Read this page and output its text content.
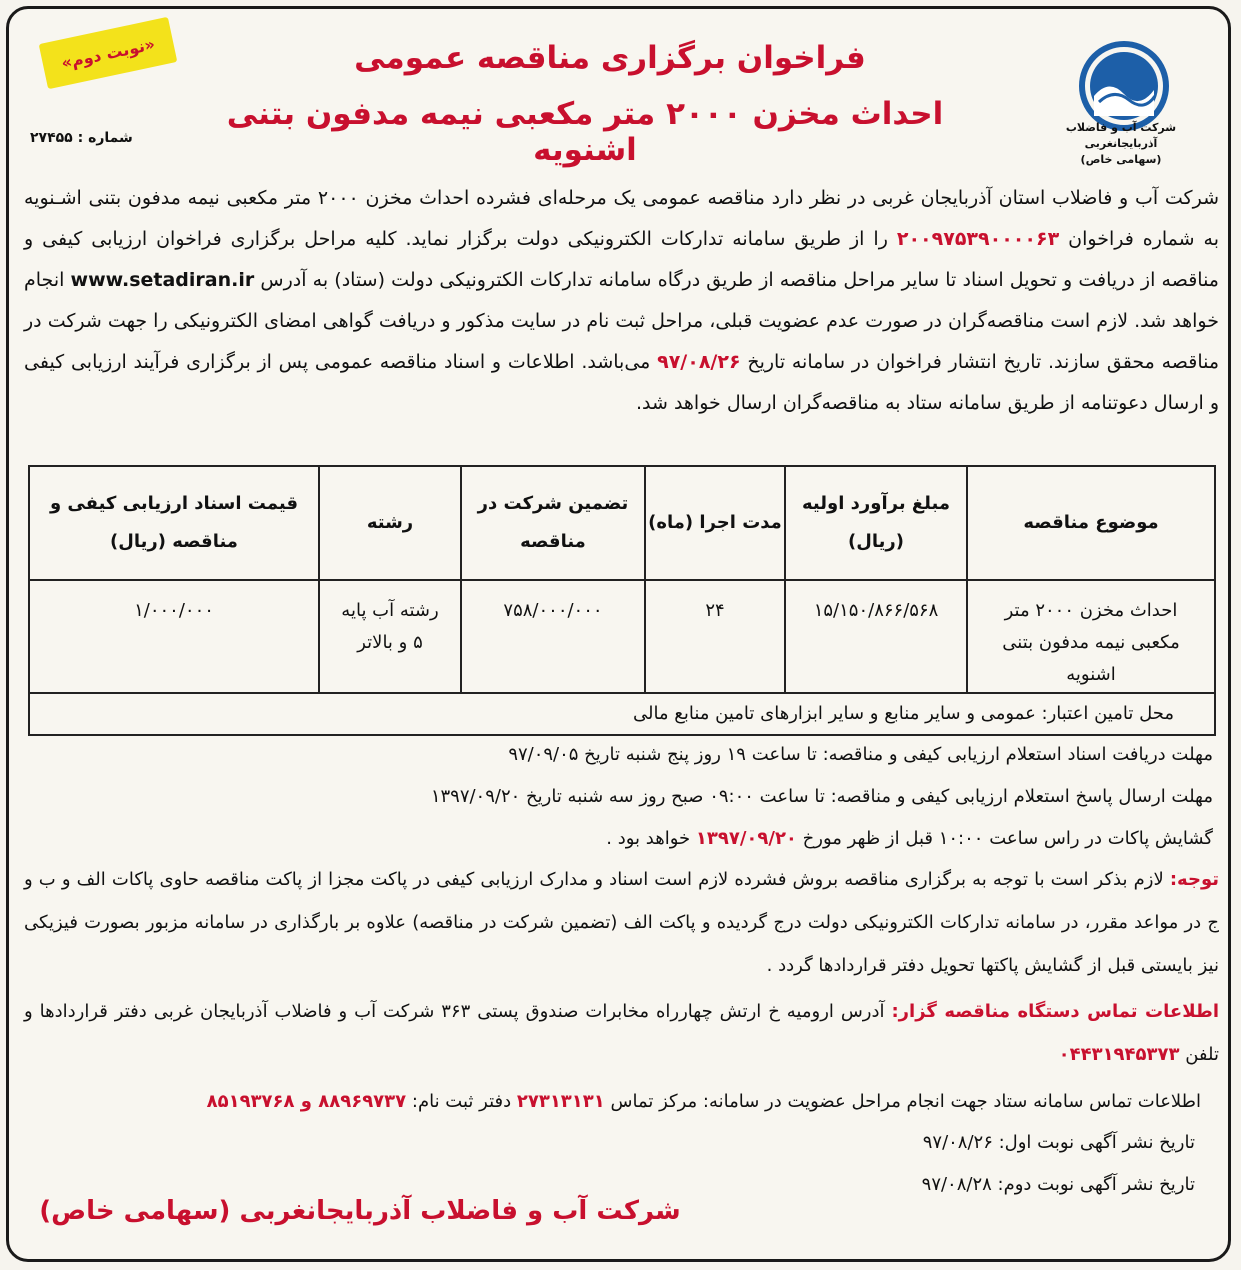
«نوبت دوم»
شرکت آب و فاضلاب آذربایجانغربی
(سهامی خاص)
فراخوان برگزاری مناقصه عمومی
احداث مخزن ۲۰۰۰ متر مکعبی نیمه مدفون بتنی اشنویه
شماره : ۲۷۴۵۵
شرکت آب و فاضلاب استان آذربایجان غربی در نظر دارد مناقصه عمومی یک مرحله‌ای فشرده احداث مخزن ۲۰۰۰ متر مکعبی نیمه مدفون بتنی اشـنویه به شماره فراخوان ۲۰۰۹۷۵۳۹۰۰۰۰۶۳ را از طریق سامانه تدارکات الکترونیکی دولت برگزار نماید. کلیه مراحل برگزاری فراخوان ارزیابی کیفی و مناقصه از دریافت و تحویل اسناد تا سایر مراحل مناقصه از طریق درگاه سامانه تدارکات الکترونیکی دولت (ستاد) به آدرس www.setadiran.ir انجام خواهد شد. لازم است مناقصه‌گران در صورت عدم عضویت قبلی، مراحل ثبت نام در سایت مذکور و دریافت گواهی امضای الکترونیکی را جهت شرکت در مناقصه محقق سازند. تاریخ انتشار فراخوان در سامانه تاریخ ۹۷/۰۸/۲۶ می‌باشد. اطلاعات و اسناد مناقصه عمومی پس از برگزاری فرآیند ارزیابی کیفی و ارسال دعوتنامه از طریق سامانه ستاد به مناقصه‌گران ارسال خواهد شد.
موضوع مناقصه	مبلغ برآورد اولیه (ریال)	مدت اجرا (ماه)	تضمین شرکت در مناقصه	رشته	قیمت اسناد ارزیابی کیفی و مناقصه (ریال)
احداث مخزن ۲۰۰۰ متر مکعبی نیمه مدفون بتنی اشنویه	۱۵/۱۵۰/۸۶۶/۵۶۸	۲۴	۷۵۸/۰۰۰/۰۰۰	رشته آب پایه ۵ و بالاتر	۱/۰۰۰/۰۰۰
محل تامین اعتبار: عمومی و سایر منابع و سایر ابزارهای تامین منابع مالی					
مهلت دریافت اسناد استعلام ارزیابی کیفی و مناقصه: تا ساعت ۱۹ روز پنج شنبه تاریخ ۹۷/۰۹/۰۵
مهلت ارسال پاسخ استعلام ارزیابی کیفی و مناقصه: تا ساعت ۰۹:۰۰ صبح روز سه شنبه تاریخ ۱۳۹۷/۰۹/۲۰
گشایش پاکات در راس ساعت ۱۰:۰۰ قبل از ظهر مورخ ۱۳۹۷/۰۹/۲۰ خواهد بود .
توجه: لازم بذکر است با توجه به برگزاری مناقصه بروش فشرده لازم است اسناد و مدارک ارزیابی کیفی در پاکت مجزا از پاکت مناقصه حاوی پاکات الف و ب و ج در مواعد مقرر، در سامانه تدارکات الکترونیکی دولت درج گردیده و پاکت الف (تضمین شرکت در مناقصه) علاوه بر بارگذاری در سامانه مزبور بصورت فیزیکی نیز بایستی قبل از گشایش پاکتها تحویل دفتر قراردادها گردد .
اطلاعات تماس دستگاه مناقصه گزار: آدرس ارومیه خ ارتش چهارراه مخابرات صندوق پستی ۳۶۳ شرکت آب و فاضلاب آذربایجان غربی دفتر قراردادها و تلفن ۰۴۴۳۱۹۴۵۳۷۳
اطلاعات تماس سامانه ستاد جهت انجام مراحل عضویت در سامانه: مرکز تماس ۲۷۳۱۳۱۳۱ دفتر ثبت نام: ۸۸۹۶۹۷۳۷ و ۸۵۱۹۳۷۶۸
تاریخ نشر آگهی نوبت اول: ۹۷/۰۸/۲۶
تاریخ نشر آگهی نوبت دوم: ۹۷/۰۸/۲۸
شرکت آب و فاضلاب آذربایجانغربی (سهامی خاص)
